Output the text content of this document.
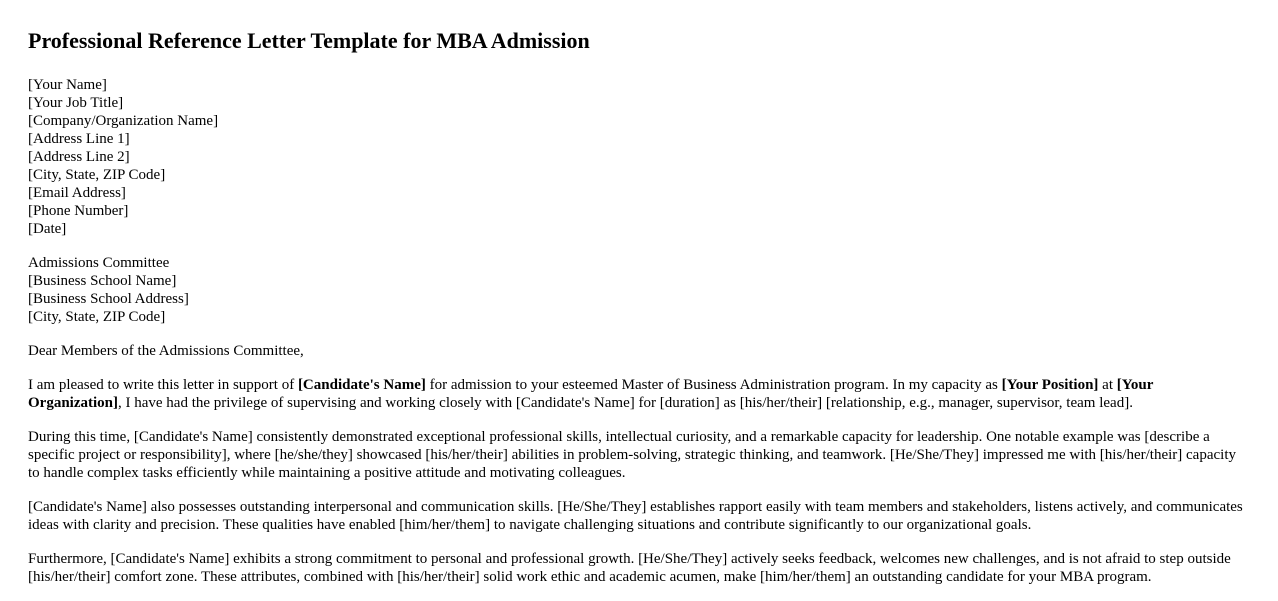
Professional Reference Letter Template for MBA Admission
[Your Name]
[Your Job Title]
[Company/Organization Name]
[Address Line 1]
[Address Line 2]
[City, State, ZIP Code]
[Email Address]
[Phone Number]
[Date]
Admissions Committee
[Business School Name]
[Business School Address]
[City, State, ZIP Code]

Dear Members of the Admissions Committee,

I am pleased to write this letter in support of [Candidate's Name] for admission to your esteemed Master of Business Administration program. In my capacity as [Your Position] at [Your Organization], I have had the privilege of supervising and working closely with [Candidate's Name] for [duration] as [his/her/their] [relationship, e.g., manager, supervisor, team lead].

During this time, [Candidate's Name] consistently demonstrated exceptional professional skills, intellectual curiosity, and a remarkable capacity for leadership. One notable example was [describe a specific project or responsibility], where [he/she/they] showcased [his/her/their] abilities in problem-solving, strategic thinking, and teamwork. [He/She/They] impressed me with [his/her/their] capacity to handle complex tasks efficiently while maintaining a positive attitude and motivating colleagues.

[Candidate's Name] also possesses outstanding interpersonal and communication skills. [He/She/They] establishes rapport easily with team members and stakeholders, listens actively, and communicates ideas with clarity and precision. These qualities have enabled [him/her/them] to navigate challenging situations and contribute significantly to our organizational goals.

Furthermore, [Candidate's Name] exhibits a strong commitment to personal and professional growth. [He/She/They] actively seeks feedback, welcomes new challenges, and is not afraid to step outside [his/her/their] comfort zone. These attributes, combined with [his/her/their] solid work ethic and academic acumen, make [him/her/them] an outstanding candidate for your MBA program.
